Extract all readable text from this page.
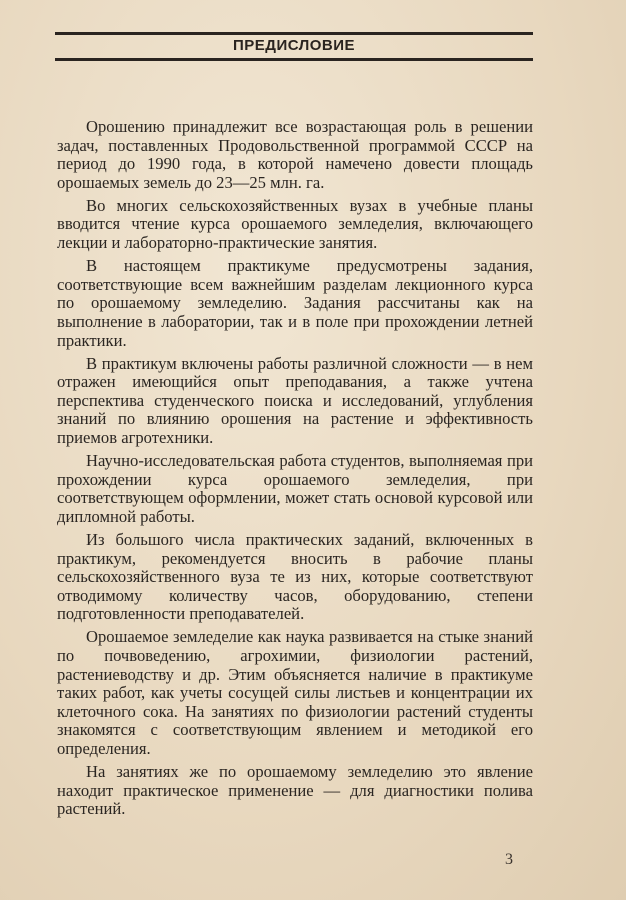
ПРЕДИСЛОВИЕ

Орошению принадлежит все возрастающая роль в решении задач, поставленных Продовольственной программой СССР на период до 1990 года, в которой намечено довести площадь орошаемых земель до 23—25 млн. га.

Во многих сельскохозяйственных вузах в учебные планы вводится чтение курса орошаемого земледелия, включающего лекции и лабораторно-практические занятия.

В настоящем практикуме предусмотрены задания, соответствующие всем важнейшим разделам лекционного курса по орошаемому земледелию. Задания рассчитаны как на выполнение в лаборатории, так и в поле при прохождении летней практики.

В практикум включены работы различной сложности — в нем отражен имеющийся опыт преподавания, а также учтена перспектива студенческого поиска и исследований, углубления знаний по влиянию орошения на растение и эффективность приемов агротехники.

Научно-исследовательская работа студентов, выполняемая при прохождении курса орошаемого земледелия, при соответствующем оформлении, может стать основой курсовой или дипломной работы.

Из большого числа практических заданий, включенных в практикум, рекомендуется вносить в рабочие планы сельскохозяйственного вуза те из них, которые соответствуют отводимому количеству часов, оборудованию, степени подготовленности преподавателей.

Орошаемое земледелие как наука развивается на стыке знаний по почвоведению, агрохимии, физиологии растений, растениеводству и др. Этим объясняется наличие в практикуме таких работ, как учеты сосущей силы листьев и концентрации их клеточного сока. На занятиях по физиологии растений студенты знакомятся с соответствующим явлением и методикой его определения.

На занятиях же по орошаемому земледелию это явление находит практическое применение — для диагностики полива растений.

3
